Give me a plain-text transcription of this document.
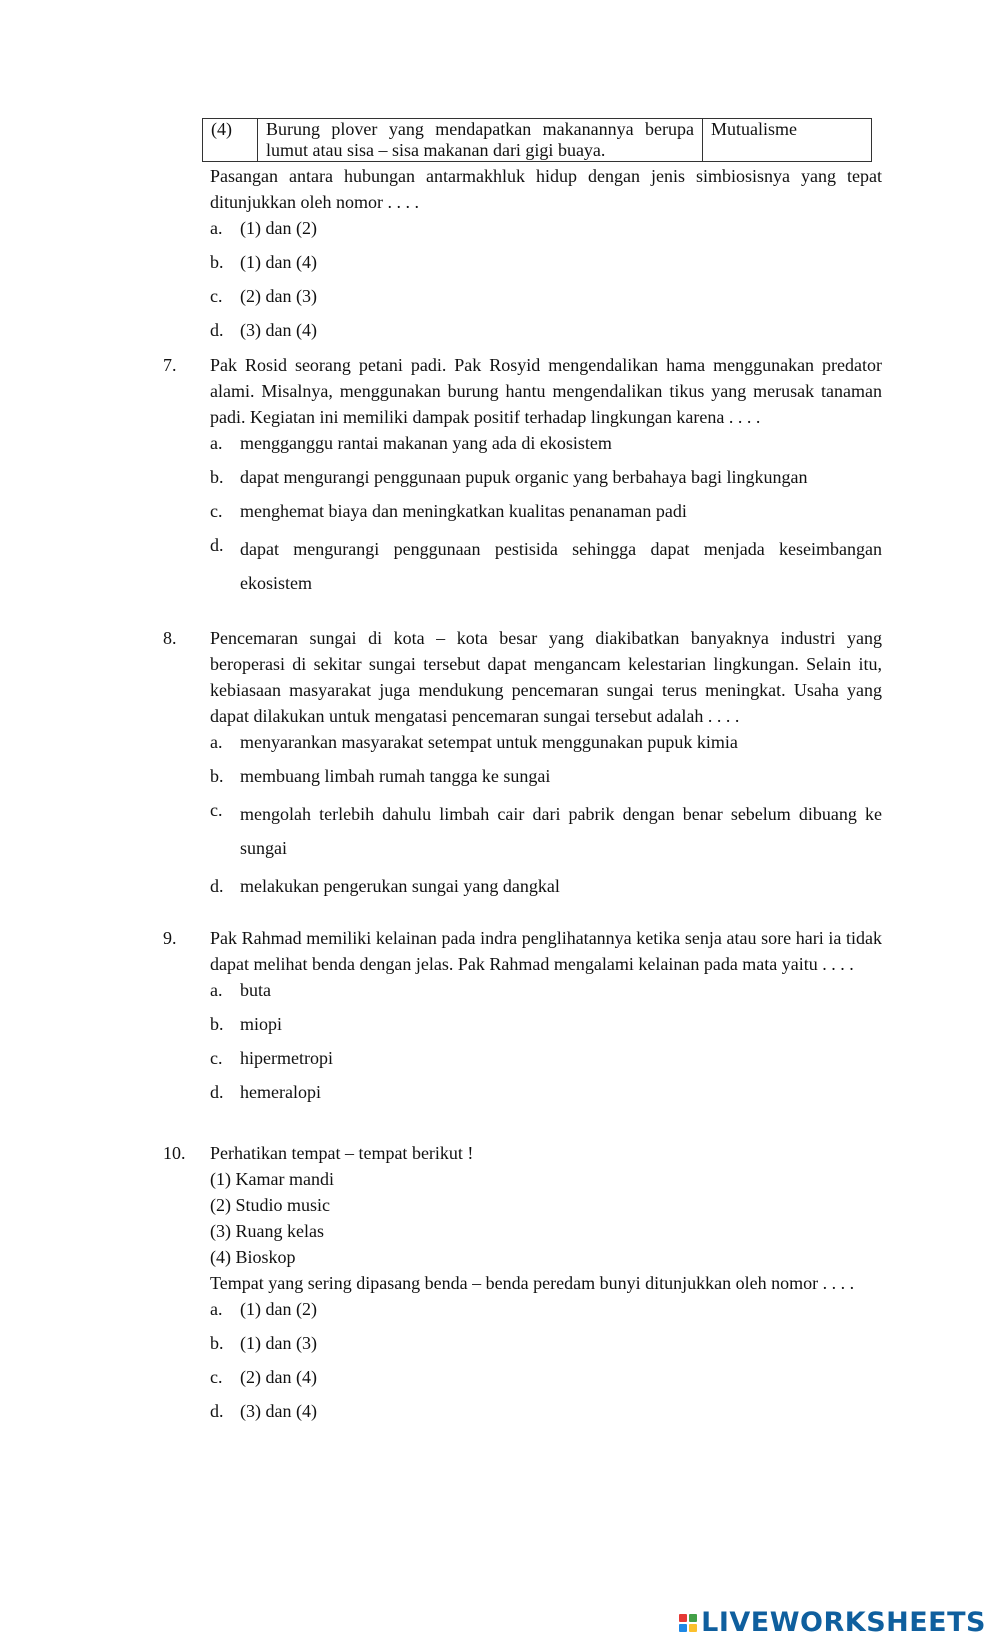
(4)	Burung plover yang mendapatkan makanannya berupa lumut atau sisa – sisa makanan dari gigi buaya.	Mutualisme

Pasangan antara hubungan antarmakhluk hidup dengan jenis simbiosisnya yang tepat ditunjukkan oleh nomor . . . .

a. (1) dan (2)
b. (1) dan (4)
c. (2) dan (3)
d. (3) dan (4)
7.	Pak Rosid seorang petani padi. Pak Rosyid mengendalikan hama menggunakan predator alami. Misalnya, menggunakan burung hantu mengendalikan tikus yang merusak tanaman padi. Kegiatan ini memiliki dampak positif terhadap lingkungan karena . . . .

a. mengganggu rantai makanan yang ada di ekosistem
b. dapat mengurangi penggunaan pupuk organic yang berbahaya bagi lingkungan
c. menghemat biaya dan meningkatkan kualitas penanaman padi
d. dapat mengurangi penggunaan pestisida sehingga dapat menjada keseimbangan ekosistem
8.	Pencemaran sungai di kota – kota besar yang diakibatkan banyaknya industri yang beroperasi di sekitar sungai tersebut dapat mengancam kelestarian lingkungan. Selain itu, kebiasaan masyarakat juga mendukung pencemaran sungai terus meningkat. Usaha yang dapat dilakukan untuk mengatasi pencemaran sungai tersebut adalah . . . .

a. menyarankan masyarakat setempat untuk menggunakan pupuk kimia
b. membuang limbah rumah tangga ke sungai
c. mengolah terlebih dahulu limbah cair dari pabrik dengan benar sebelum dibuang ke sungai
d. melakukan pengerukan sungai yang dangkal
9.	Pak Rahmad memiliki kelainan pada indra penglihatannya ketika senja atau sore hari ia tidak dapat melihat benda dengan jelas. Pak Rahmad mengalami kelainan pada mata yaitu . . . .

a. buta
b. miopi
c. hipermetropi
d. hemeralopi
10.	Perhatikan tempat – tempat berikut !

(1) Kamar mandi
(2) Studio music
(3) Ruang kelas
(4) Bioskop

Tempat yang sering dipasang benda – benda peredam bunyi ditunjukkan oleh nomor . . . .

a. (1) dan (2)
b. (1) dan (3)
c. (2) dan (4)
d. (3) dan (4)
LIVEWORKSHEETS
